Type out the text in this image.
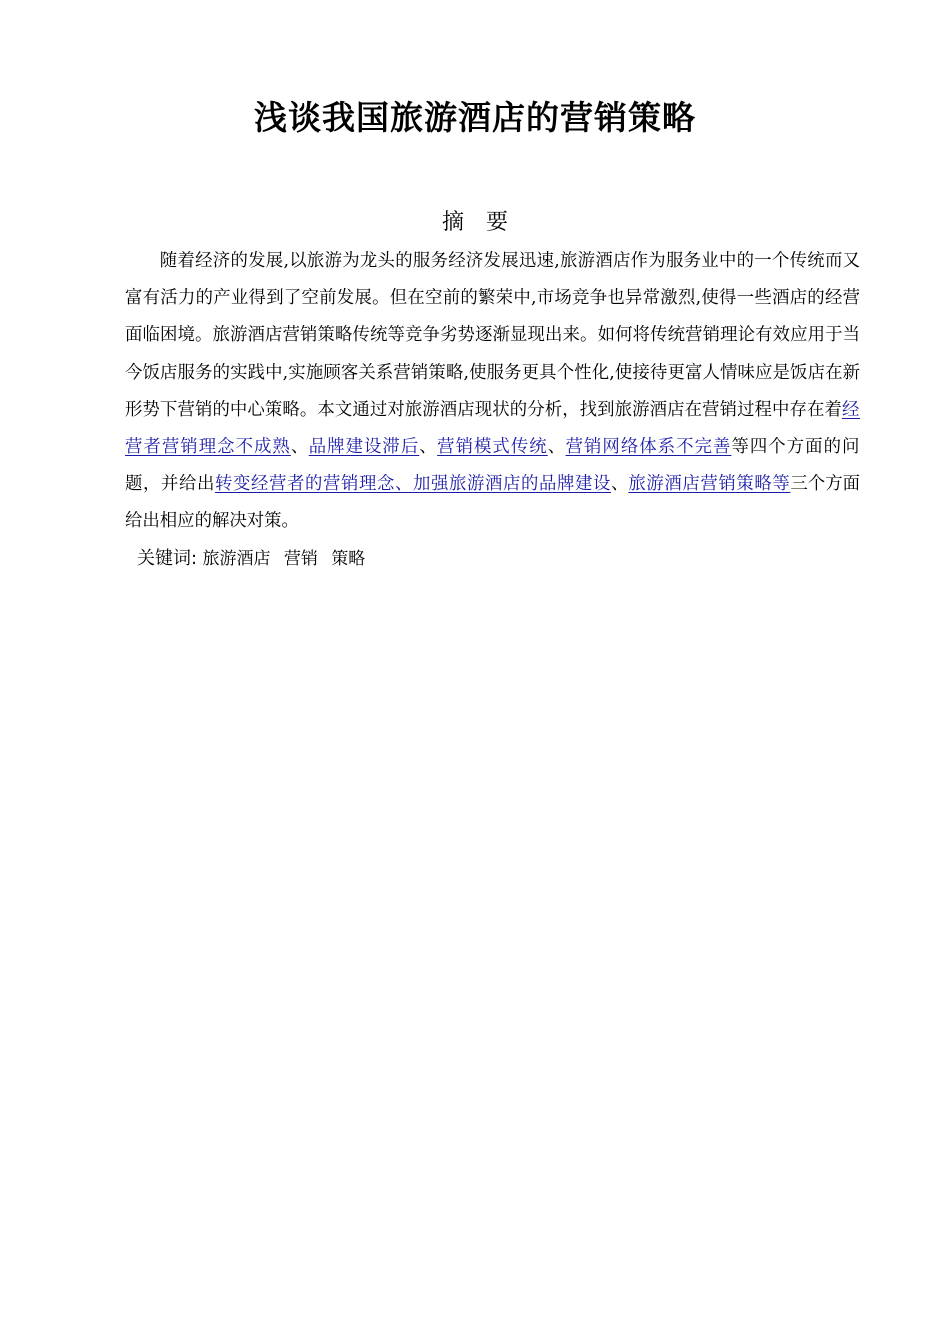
浅谈我国旅游酒店的营销策略
摘要

随着经济的发展,以旅游为龙头的服务经济发展迅速,旅游酒店作为服务业中的一个传统而又富有活力的产业得到了空前发展。但在空前的繁荣中,市场竞争也异常激烈,使得一些酒店的经营面临困境。旅游酒店营销策略传统等竞争劣势逐渐显现出来。如何将传统营销理论有效应用于当今饭店服务的实践中,实施顾客关系营销策略,使服务更具个性化,使接待更富人情味应是饭店在新形势下营销的中心策略。本文通过对旅游酒店现状的分析，找到旅游酒店在营销过程中存在着经营者营销理念不成熟、品牌建设滞后、营销模式传统、营销网络体系不完善等四个方面的问题，并给出转变经营者的营销理念、加强旅游酒店的品牌建设、旅游酒店营销策略等三个方面给出相应的解决对策。

关键词: 旅游酒店 营销 策略
